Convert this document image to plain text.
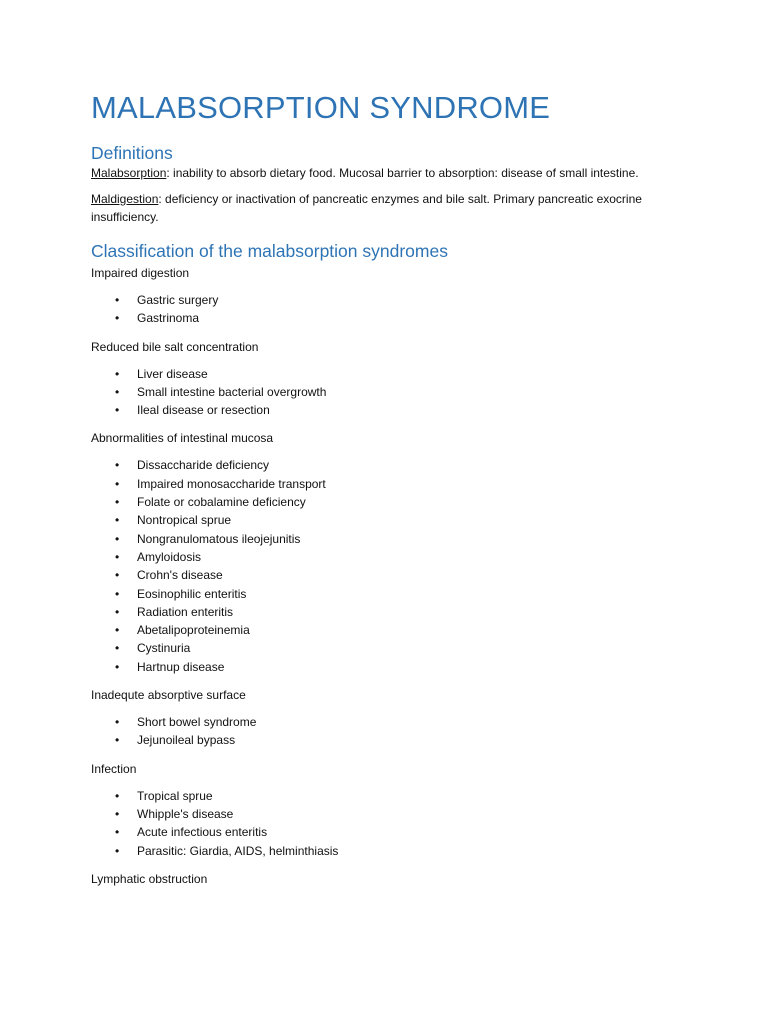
MALABSORPTION SYNDROME
Definitions

Malabsorption: inability to absorb dietary food. Mucosal barrier to absorption: disease of small intestine.

Maldigestion: deficiency or inactivation of pancreatic enzymes and bile salt. Primary pancreatic exocrine insufficiency.

Classification of the malabsorption syndromes

Impaired digestion

• Gastric surgery
• Gastrinoma

Reduced bile salt concentration

• Liver disease
• Small intestine bacterial overgrowth
• Ileal disease or resection

Abnormalities of intestinal mucosa

• Dissaccharide deficiency
• Impaired monosaccharide transport
• Folate or cobalamine deficiency
• Nontropical sprue
• Nongranulomatous ileojejunitis
• Amyloidosis
• Crohn's disease
• Eosinophilic enteritis
• Radiation enteritis
• Abetalipoproteinemia
• Cystinuria
• Hartnup disease

Inadequte absorptive surface

• Short bowel syndrome
• Jejunoileal bypass

Infection

• Tropical sprue
• Whipple's disease
• Acute infectious enteritis
• Parasitic: Giardia, AIDS, helminthiasis

Lymphatic obstruction
